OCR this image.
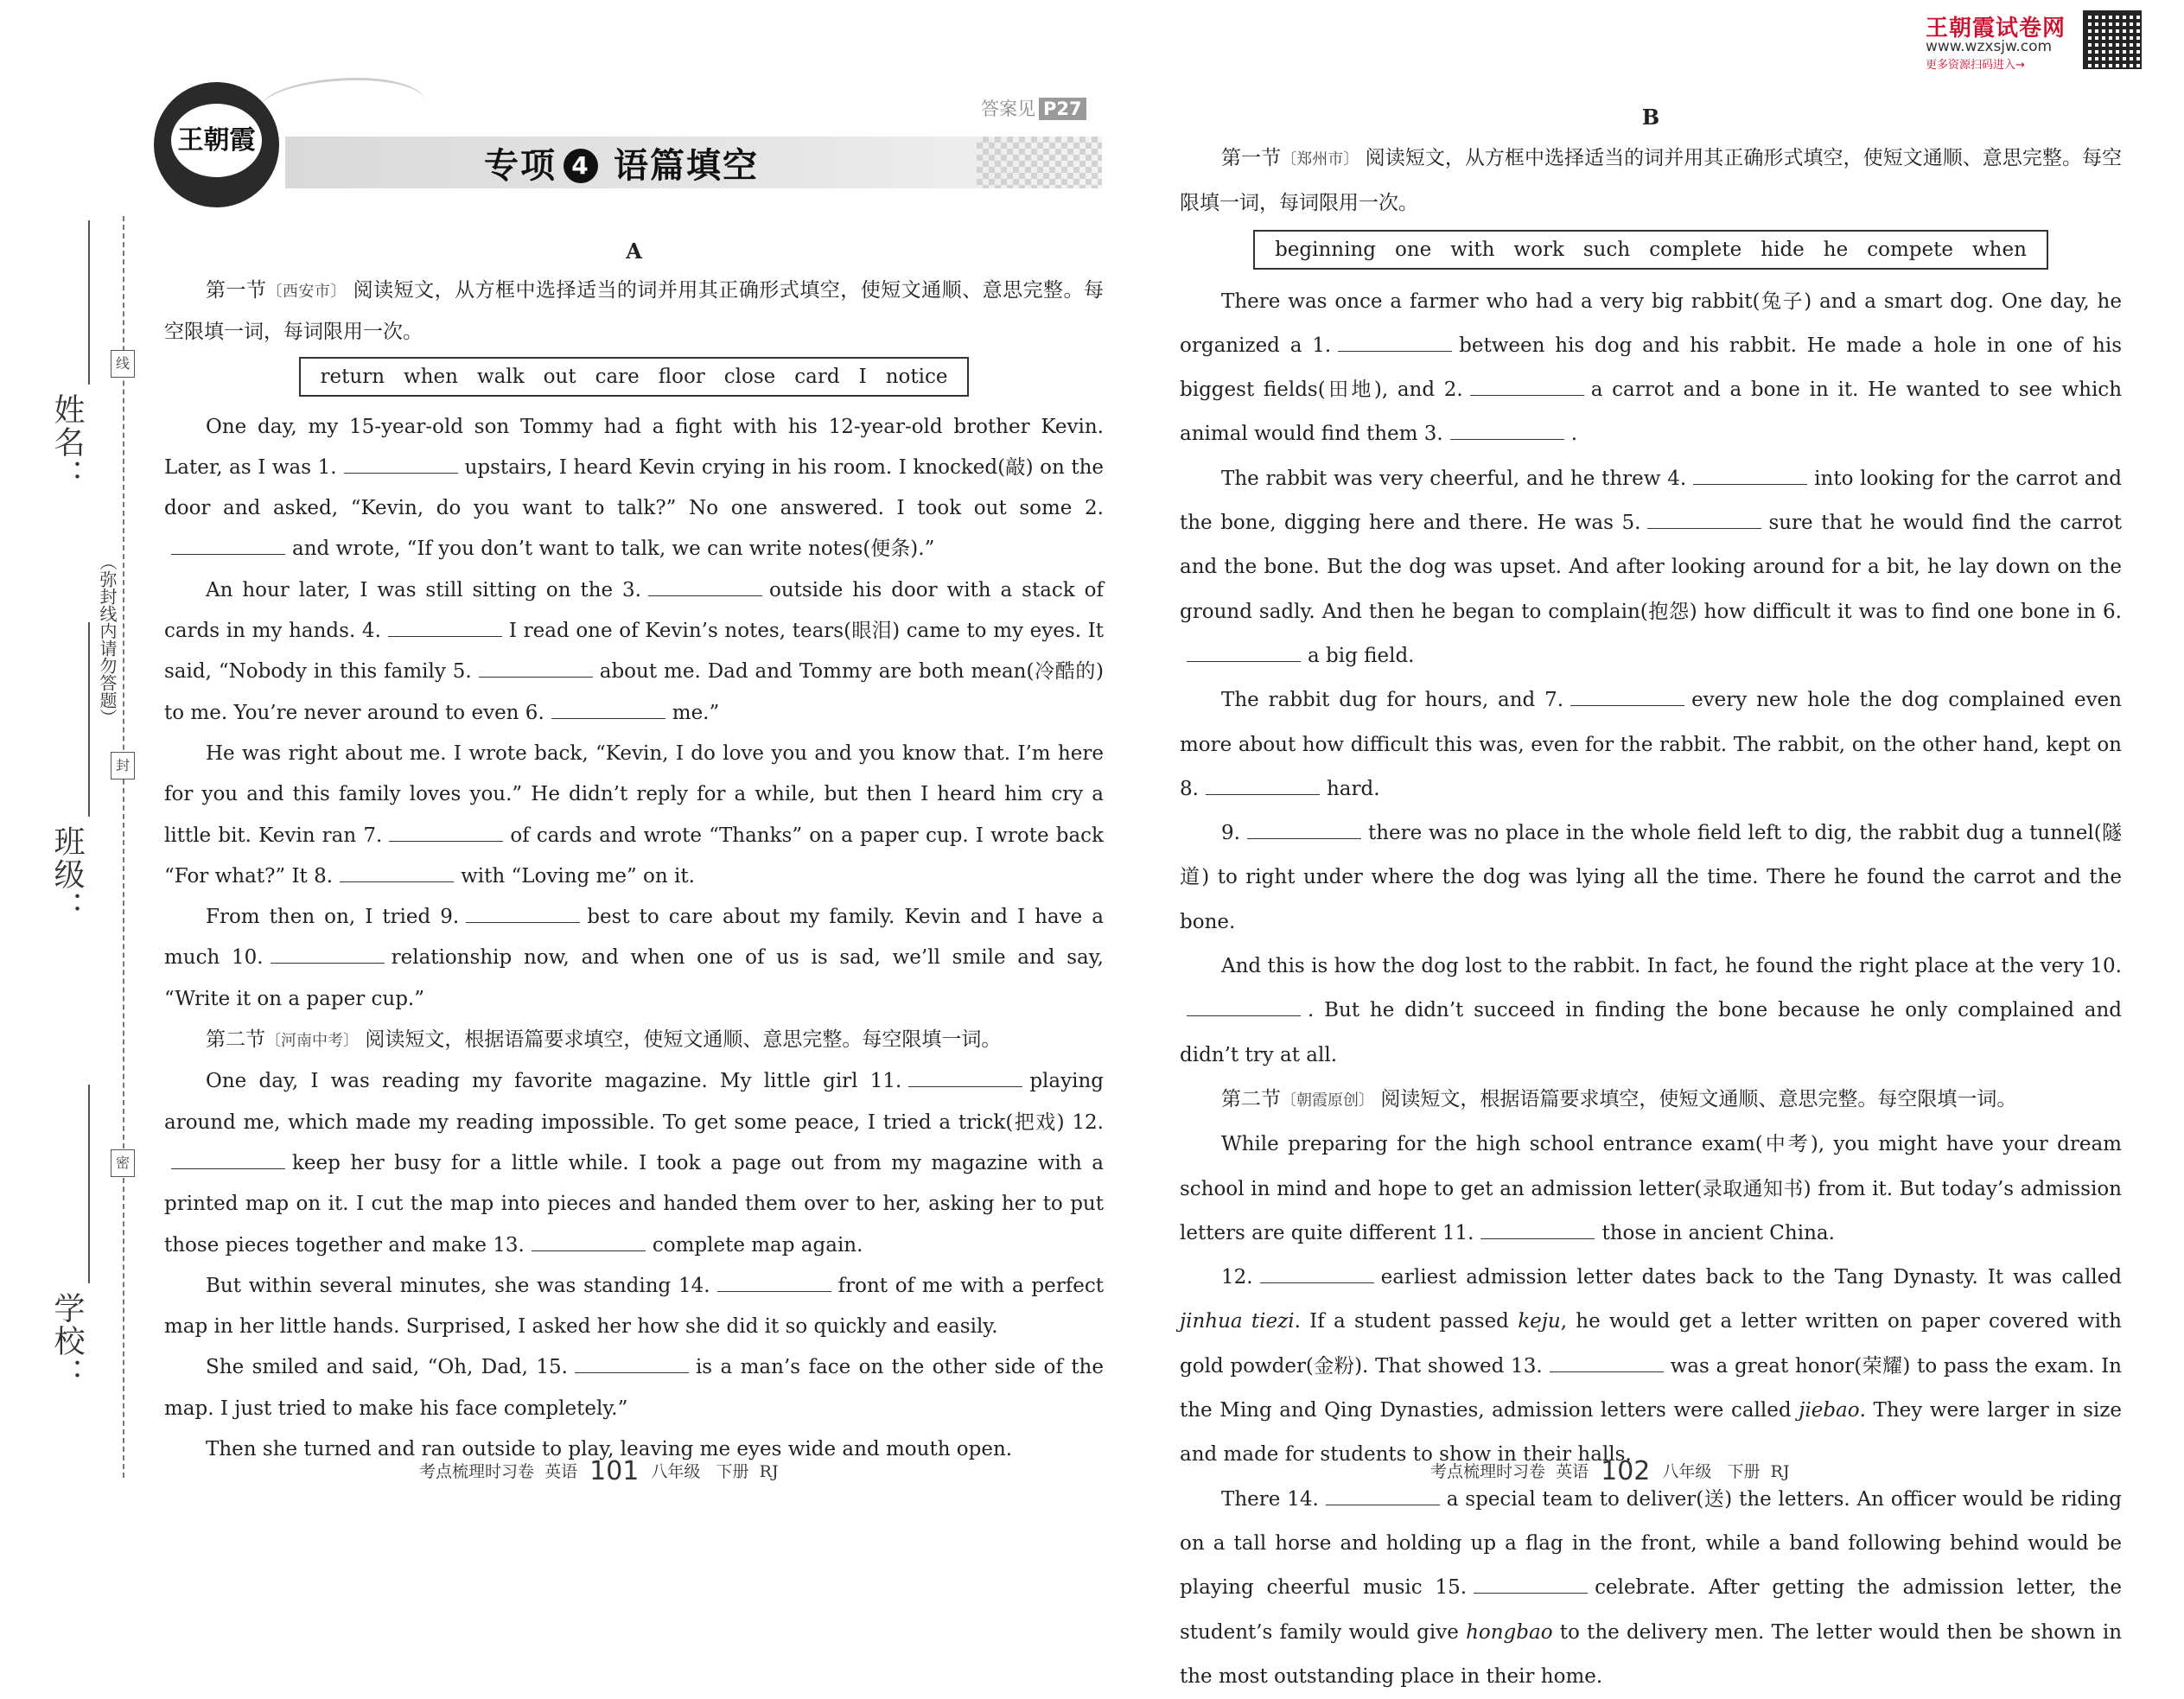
王朝霞试卷网
www.wzxsjw.com
更多资源扫码进入→
姓名：
班级：
学校：
（弥封线内请勿答题）
线
封
密
王朝霞
答案见 P27
专项 4 语篇填空
A

第一节〔西安市〕 阅读短文，从方框中选择适当的词并用其正确形式填空，使短文通顺、意思完整。每空限填一词，每词限用一次。

return when walk out care floor close card I notice

One day, my 15-year-old son Tommy had a fight with his 12-year-old brother Kevin. Later, as I was 1.	upstairs, I heard Kevin crying in his room. I knocked(敲) on the door and asked, “Kevin, do you want to talk?” No one answered. I took out some 2.and wrote, “If you don’t want to talk, we can write notes(便条).”

An hour later, I was still sitting on the 3.	outside his door with a stack of cards in my hands. 4.	I read one of Kevin’s notes, tears(眼泪) came to my eyes. It said, “Nobody in this family 5.	about me. Dad and Tommy are both mean(冷酷的) to me. You’re never around to even 6.	me.”

He was right about me. I wrote back, “Kevin, I do love you and you know that. I’m here for you and this family loves you.” He didn’t reply for a while, but then I heard him cry a little bit. Kevin ran 7.	of cards and wrote “Thanks” on a paper cup. I wrote back “For what?” It 8.	with “Loving me” on it.

From then on, I tried 9.	best to care about my family. Kevin and I have a much 10.	relationship now, and when one of us is sad, we’ll smile and say, “Write it on a paper cup.”

第二节〔河南中考〕 阅读短文，根据语篇要求填空，使短文通顺、意思完整。每空限填一词。

One day, I was reading my favorite magazine. My little girl 11.	playing around me, which made my reading impossible. To get some peace, I tried a trick(把戏) 12.keep her busy for a little while. I took a page out from my magazine with a printed map on it. I cut the map into pieces and handed them over to her, asking her to put those pieces together and make 13.	complete map again.

But within several minutes, she was standing 14.	front of me with a perfect map in her little hands. Surprised, I asked her how she did it so quickly and easily.

She smiled and said, “Oh, Dad, 15.	is a man’s face on the other side of the map. I just tried to make his face completely.”

Then she turned and ran outside to play, leaving me eyes wide and mouth open.

考点梳理时习卷 英语 101 八年级 下册 RJ
B

第一节〔郑州市〕 阅读短文，从方框中选择适当的词并用其正确形式填空，使短文通顺、意思完整。每空限填一词，每词限用一次。

beginning one with work such complete hide he compete when

There was once a farmer who had a very big rabbit(兔子) and a smart dog. One day, he organized a 1.	between his dog and his rabbit. He made a hole in one of his biggest fields(田地), and 2.	a carrot and a bone in it. He wanted to see which animal would find them 3.	.

The rabbit was very cheerful, and he threw 4.	into looking for the carrot and the bone, digging here and there. He was 5.	sure that he would find the carrot and the bone. But the dog was upset. And after looking around for a bit, he lay down on the ground sadly. And then he began to complain(抱怨) how difficult it was to find one bone in 6.a big field.

The rabbit dug for hours, and 7.	every new hole the dog complained even more about how difficult this was, even for the rabbit. The rabbit, on the other hand, kept on 8.	hard.

9.	there was no place in the whole field left to dig, the rabbit dug a tunnel(隧道) to right under where the dog was lying all the time. There he found the carrot and the bone.

And this is how the dog lost to the rabbit. In fact, he found the right place at the very 10.. But he didn’t succeed in finding the bone because he only complained and didn’t try at all.

第二节〔朝霞原创〕 阅读短文，根据语篇要求填空，使短文通顺、意思完整。每空限填一词。

While preparing for the high school entrance exam(中考), you might have your dream school in mind and hope to get an admission letter(录取通知书) from it. But today’s admission letters are quite different 11.	those in ancient China.

12.	earliest admission letter dates back to the Tang Dynasty. It was called jinhua tiezi. If a student passed keju, he would get a letter written on paper covered with gold powder(金粉). That showed 13.	was a great honor(荣耀) to pass the exam. In the Ming and Qing Dynasties, admission letters were called jiebao. They were larger in size and made for students to show in their halls.

There 14.	a special team to deliver(送) the letters. An officer would be riding on a tall horse and holding up a flag in the front, while a band following behind would be playing cheerful music 15.	celebrate. After getting the admission letter, the student’s family would give hongbao to the delivery men. The letter would then be shown in the most outstanding place in their home.

考点梳理时习卷 英语 102 八年级 下册 RJ
